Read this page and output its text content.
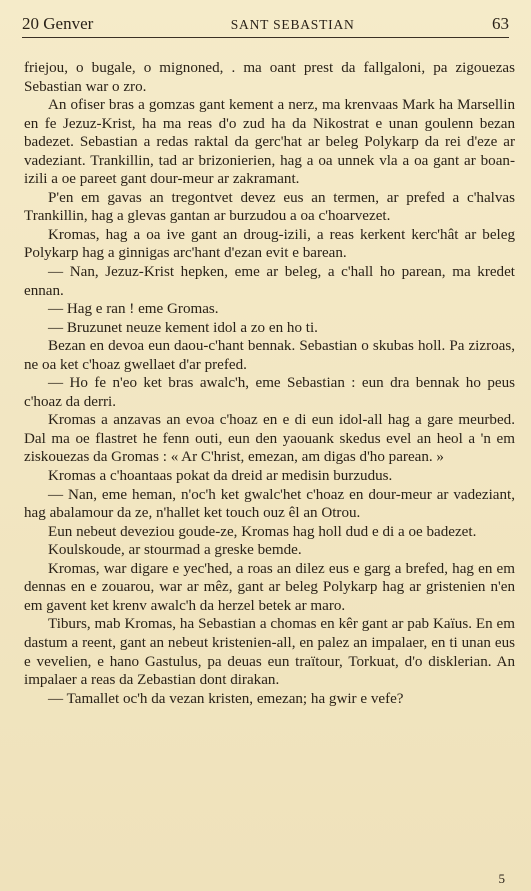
20 Genver	SANT SEBASTIAN	63

friejou, o bugale, o mignoned, . ma oant prest da fallgaloni, pa zigouezas Sebastian war o zro.

An ofiser bras a gomzas gant kement a nerz, ma krenvaas Mark ha Marsellin en fe Jezuz-Krist, ha ma reas d'o zud ha da Nikostrat e unan goulenn bezan badezet. Sebastian a redas raktal da gerc'hat ar beleg Polykarp da rei d'eze ar vadeziant. Trankillin, tad ar brizonierien, hag a oa unnek vla a oa gant ar boan-izili a oe pareet gant dour-meur ar zakramant.

P'en em gavas an tregontvet devez eus an termen, ar prefed a c'halvas Trankillin, hag a glevas gantan ar burzudou a oa c'hoarvezet.

Kromas, hag a oa ive gant an droug-izili, a reas kerkent kerc'hât ar beleg Polykarp hag a ginnigas arc'hant d'ezan evit e barean.

— Nan, Jezuz-Krist hepken, eme ar beleg, a c'hall ho parean, ma kredet ennan.

— Hag e ran ! eme Gromas.

— Bruzunet neuze kement idol a zo en ho ti.

Bezan en devoa eun daou-c'hant bennak. Sebastian o skubas holl. Pa zizroas, ne oa ket c'hoaz gwellaet d'ar prefed.

— Ho fe n'eo ket bras awalc'h, eme Sebastian : eun dra bennak ho peus c'hoaz da derri.

Kromas a anzavas an evoa c'hoaz en e di eun idol-all hag a gare meurbed. Dal ma oe flastret he fenn outi, eun den yaouank skedus evel an heol a 'n em ziskouezas da Gromas : « Ar C'hrist, emezan, am digas d'ho parean. »

Kromas a c'hoantaas pokat da dreid ar medisin burzudus.

— Nan, eme heman, n'oc'h ket gwalc'het c'hoaz en dour-meur ar vadeziant, hag abalamour da ze, n'hallet ket touch ouz êl an Otrou.

Eun nebeut deveziou goude-ze, Kromas hag holl dud e di a oe badezet.

Koulskoude, ar stourmad a greske bemde.

Kromas, war digare e yec'hed, a roas an dilez eus e garg a brefed, hag en em dennas en e zouarou, war ar mêz, gant ar beleg Polykarp hag ar gristenien n'en em gavent ket krenv awalc'h da herzel betek ar maro.

Tiburs, mab Kromas, ha Sebastian a chomas en kêr gant ar pab Kaïus. En em dastum a reent, gant an nebeut kristenien-all, en palez an impalaer, en ti unan eus e vevelien, e hano Gastulus, pa deuas eun traïtour, Torkuat, d'o disklerian. An impalaer a reas da Zebastian dont dirakan.

— Tamallet oc'h da vezan kristen, emezan; ha gwir e vefe?

5
